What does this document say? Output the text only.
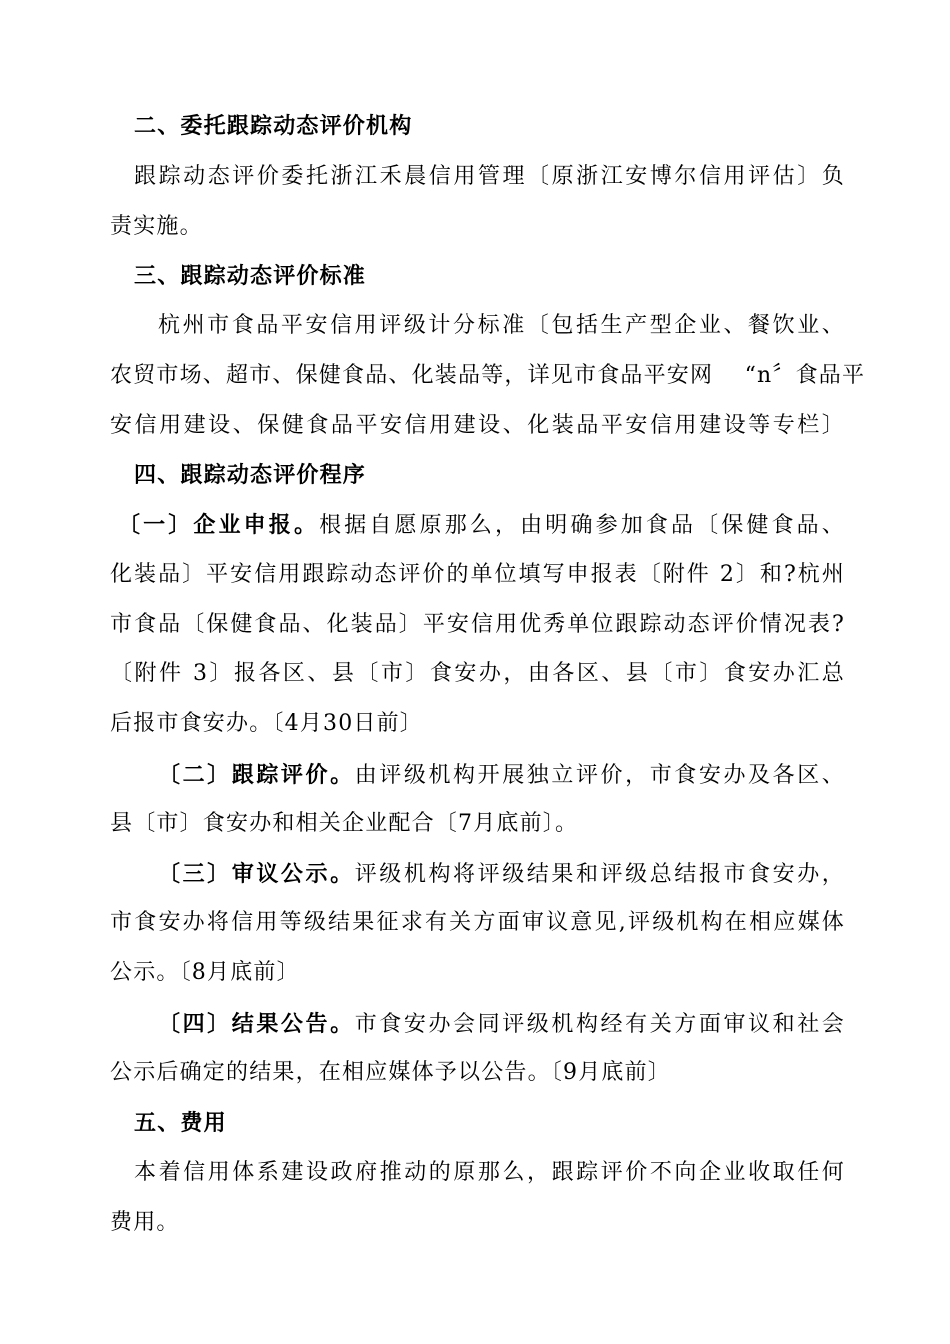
二、委托跟踪动态评价机构
跟踪动态评价委托浙江禾晨信用管理〔原浙江安博尔信用评估〕负
责实施。
三、跟踪动态评价标准
杭州市食品平安信用评级计分标准〔包括生产型企业、餐饮业、
农贸市场、超市、保健食品、化装品等，详见市食品平安网　 “n〞食品平
安信用建设、保健食品平安信用建设、化装品平安信用建设等专栏〕
四、跟踪动态评价程序
〔一〕企业申报。根据自愿原那么，由明确参加食品〔保健食品、
化装品〕平安信用跟踪动态评价的单位填写申报表〔附件 2〕和?杭州
市食品〔保健食品、化装品〕平安信用优秀单位跟踪动态评价情况表?
〔附件 3〕报各区、县〔市〕食安办，由各区、县〔市〕食安办汇总
后报市食安办。〔4月30日前〕
〔二〕跟踪评价。由评级机构开展独立评价，市食安办及各区、
县〔市〕食安办和相关企业配合〔7月底前〕。
〔三〕审议公示。评级机构将评级结果和评级总结报市食安办，
市食安办将信用等级结果征求有关方面审议意见,评级机构在相应媒体
公示。〔8月底前〕
〔四〕结果公告。市食安办会同评级机构经有关方面审议和社会
公示后确定的结果，在相应媒体予以公告。〔9月底前〕
五、费用
本着信用体系建设政府推动的原那么，跟踪评价不向企业收取任何
费用。
